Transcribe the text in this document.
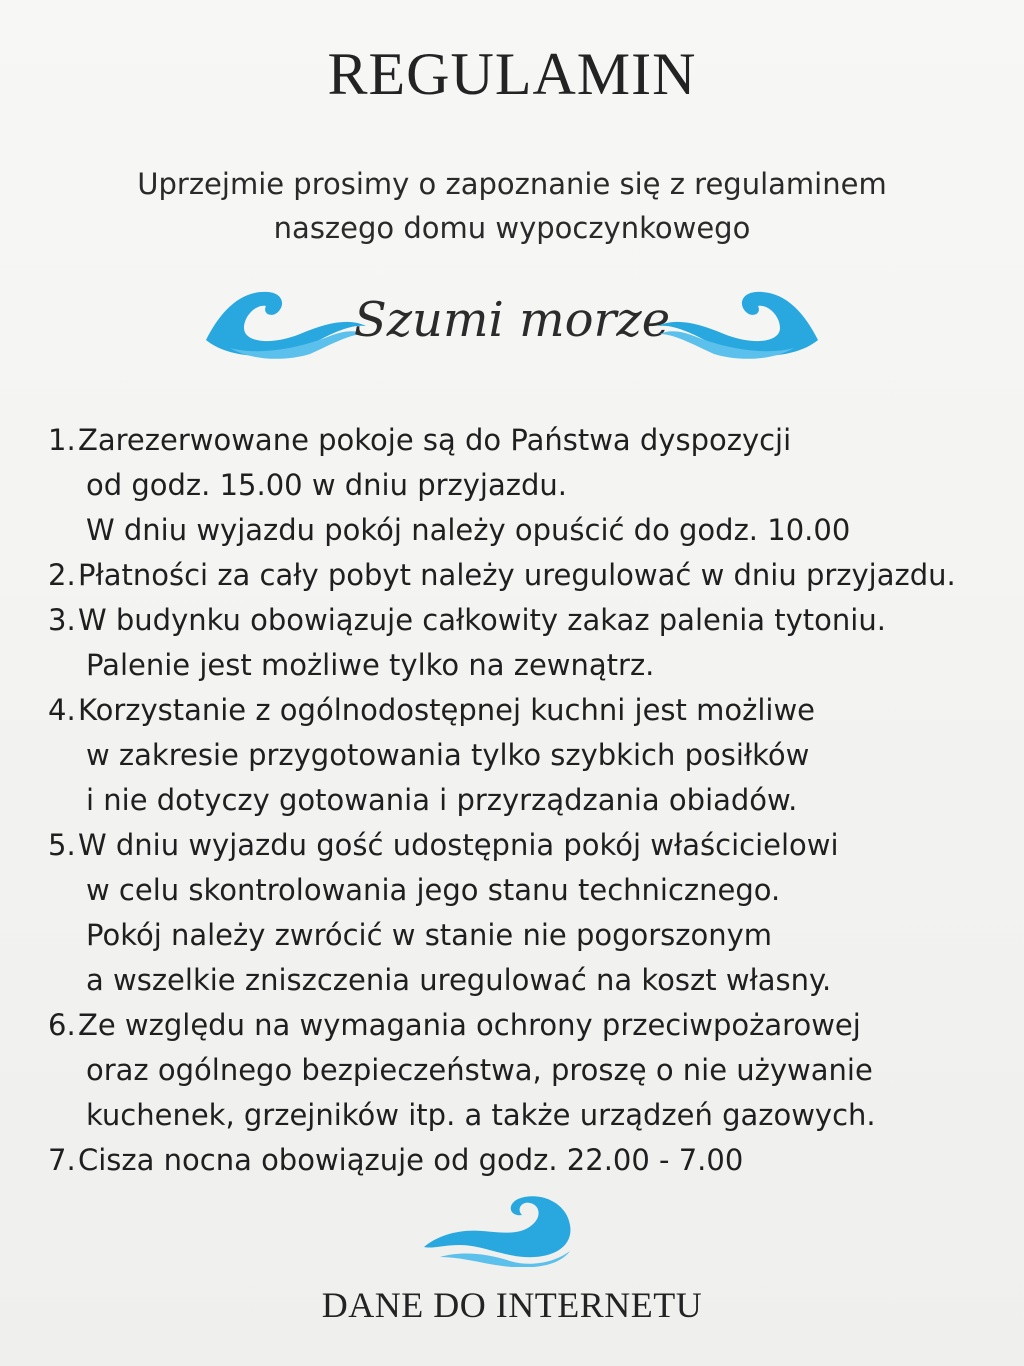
REGULAMIN

Uprzejmie prosimy o zapoznanie się z regulaminem
naszego domu wypoczynkowego

Szumi morze
1. Zarezerwowane pokoje są do Państwa dyspozycji
od godz. 15.00 w dniu przyjazdu.
W dniu wyjazdu pokój należy opuścić do godz. 10.00
2. Płatności za cały pobyt należy uregulować w dniu przyjazdu.
3. W budynku obowiązuje całkowity zakaz palenia tytoniu.
Palenie jest możliwe tylko na zewnątrz.
4. Korzystanie z ogólnodostępnej kuchni jest możliwe
w zakresie przygotowania tylko szybkich posiłków
i nie dotyczy gotowania i przyrządzania obiadów.
5. W dniu wyjazdu gość udostępnia pokój właścicielowi
w celu skontrolowania jego stanu technicznego.
Pokój należy zwrócić w stanie nie pogorszonym
a wszelkie zniszczenia uregulować na koszt własny.
6. Ze względu na wymagania ochrony przeciwpożarowej
oraz ogólnego bezpieczeństwa, proszę o nie używanie
kuchenek, grzejników itp. a także urządzeń gazowych.
7. Cisza nocna obowiązuje od godz. 22.00 - 7.00

DANE DO INTERNETU
